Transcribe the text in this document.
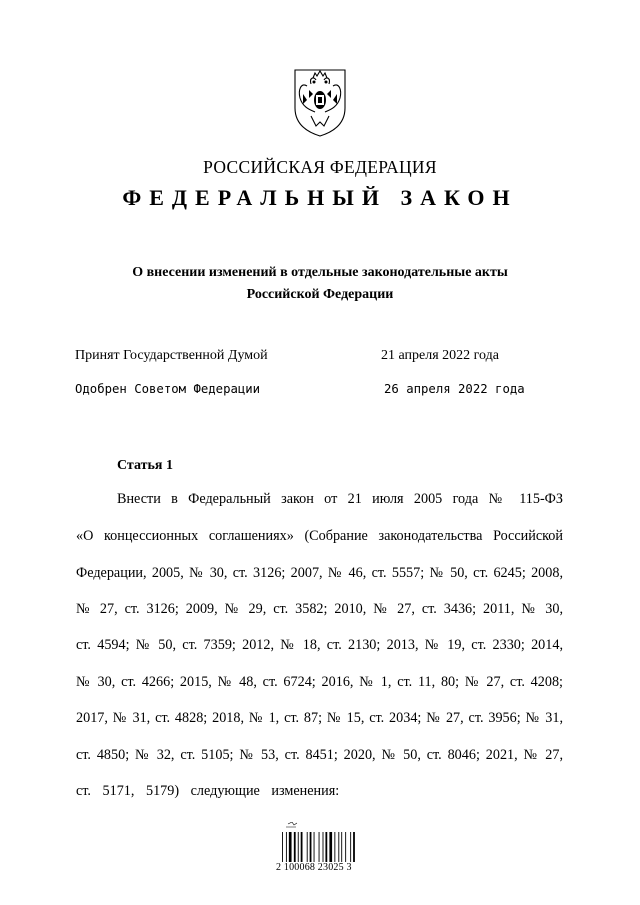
РОССИЙСКАЯ ФЕДЕРАЦИЯ
ФЕДЕРАЛЬНЫЙ ЗАКОН
О внесении изменений в отдельные законодательные акты
Российской Федерации
Принят Государственной Думой	21 апреля 2022 года
Одобрен Советом Федерации	26 апреля 2022 года
Статья 1
Внести в Федеральный закон от 21 июля 2005 года № 115-ФЗ
«О концессионных соглашениях» (Собрание законодательства Российской
Федерации, 2005, № 30, ст. 3126; 2007, № 46, ст. 5557; № 50, ст. 6245; 2008,
№ 27, ст. 3126; 2009, № 29, ст. 3582; 2010, № 27, ст. 3436; 2011, № 30,
ст. 4594; № 50, ст. 7359; 2012, № 18, ст. 2130; 2013, № 19, ст. 2330; 2014,
№ 30, ст. 4266; 2015, № 48, ст. 6724; 2016, № 1, ст. 11, 80; № 27, ст. 4208;
2017, № 31, ст. 4828; 2018, № 1, ст. 87; № 15, ст. 2034; № 27, ст. 3956; № 31,
ст. 4850; № 32, ст. 5105; № 53, ст. 8451; 2020, № 50, ст. 8046; 2021, № 27,
ст. 5171, 5179) следующие изменения:
2 100068 23025 3
